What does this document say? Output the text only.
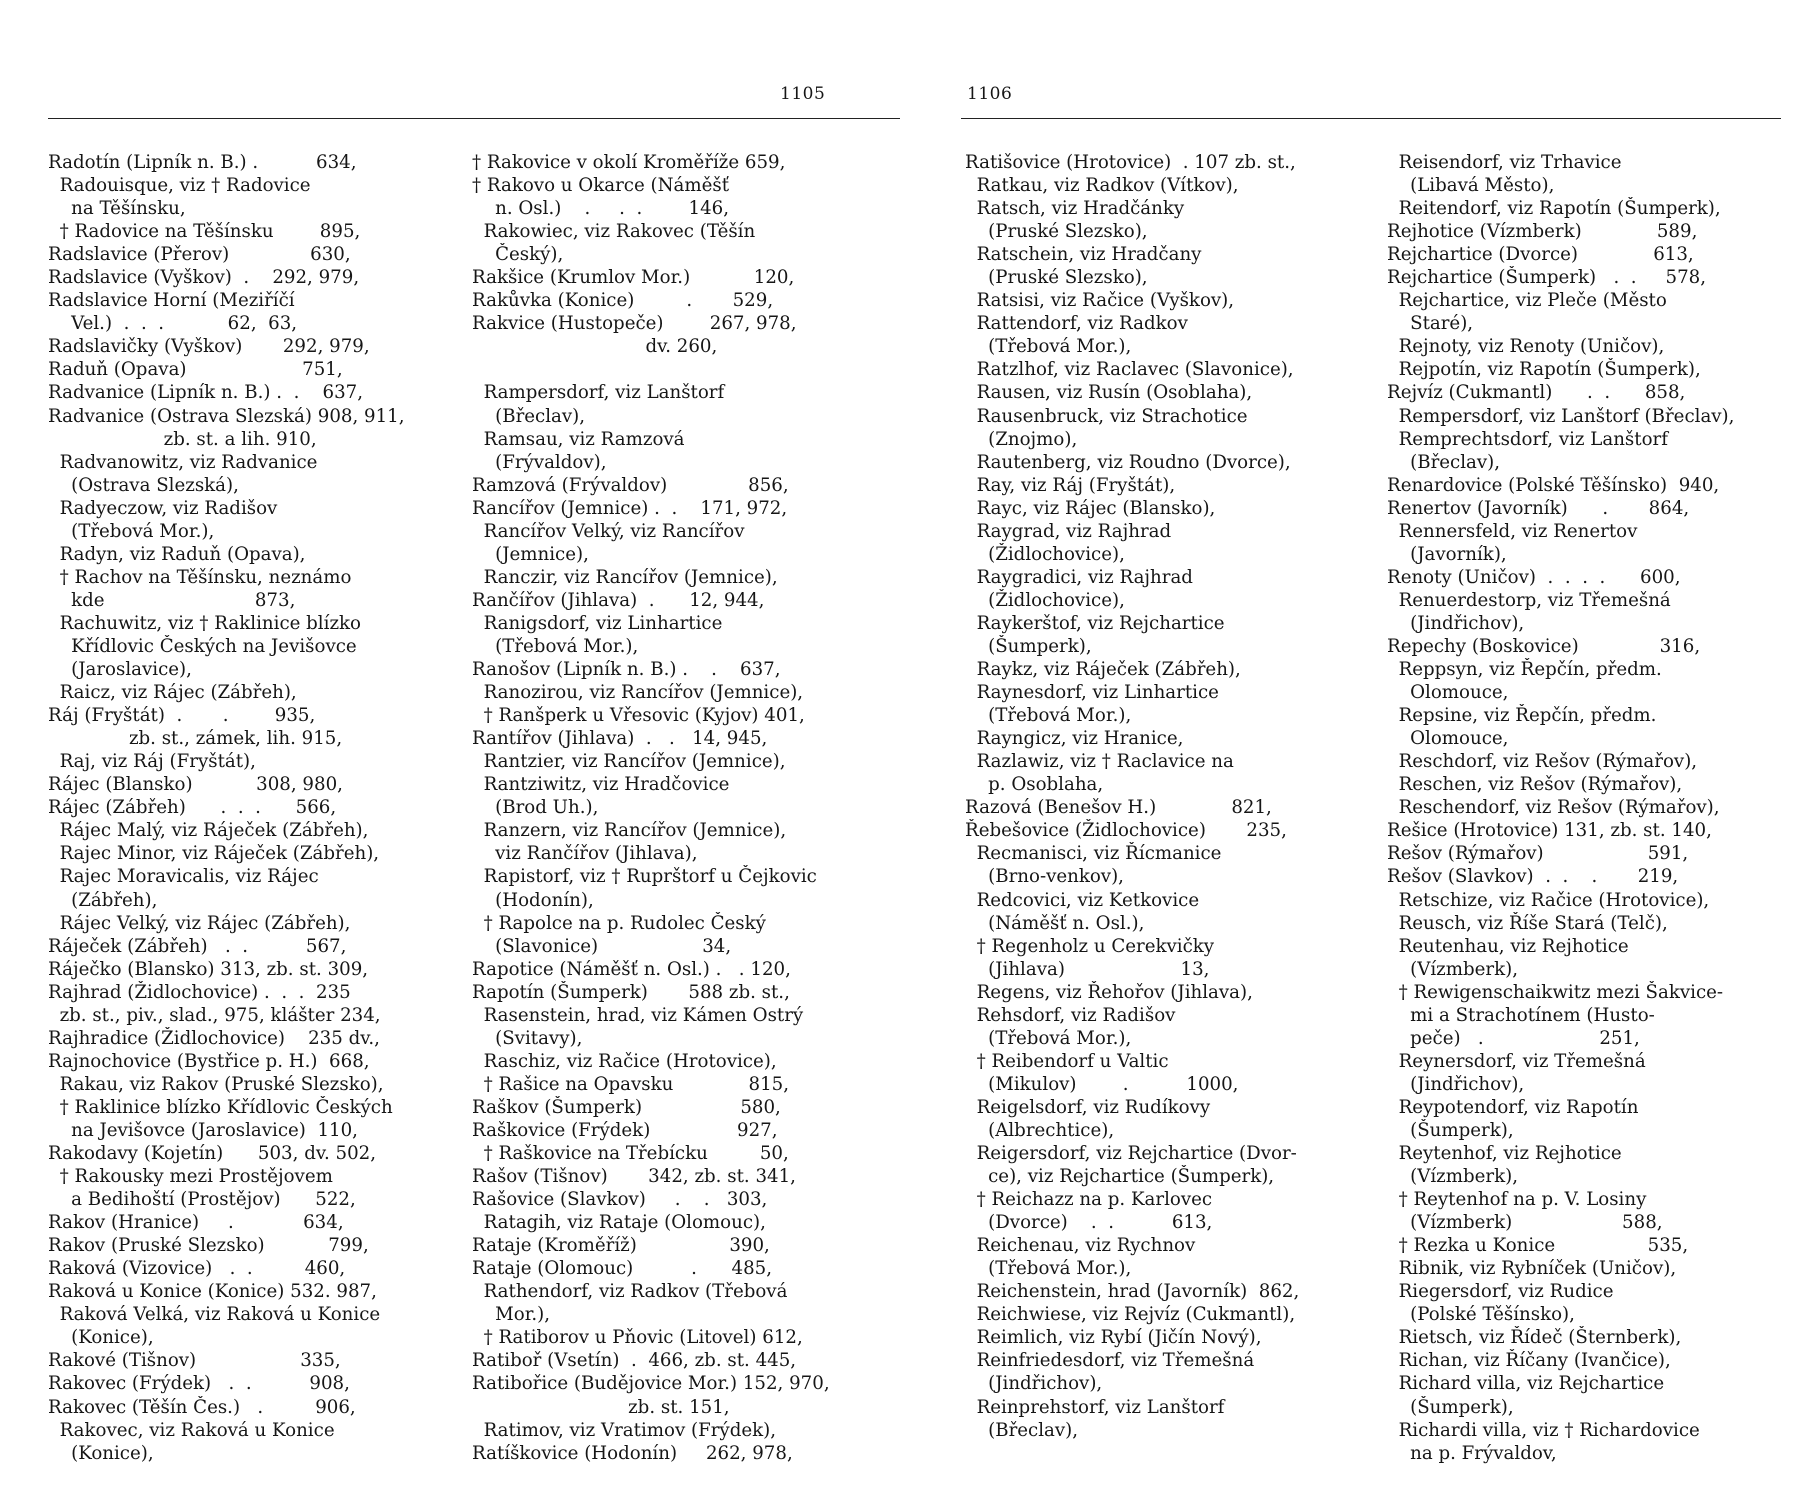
1105
Radotín (Lipník n. B.) .          634,
Radouisque, viz † Radovice
na Těšínsku,
† Radovice na Těšínsku        895,
Radslavice (Přerov)              630,
Radslavice (Vyškov)  .    292, 979,
Radslavice Horní (Meziříčí
Vel.)  .  .  .           62,  63,
Radslavičky (Vyškov)       292, 979,
Raduň (Opava)                    751,
Radvanice (Lipník n. B.) .  .    637,
Radvanice (Ostrava Slezská) 908, 911,
zb. st. a lih. 910,
Radvanowitz, viz Radvanice
(Ostrava Slezská),
Radyeczow, viz Radišov
(Třebová Mor.),
Radyn, viz Raduň (Opava),
† Rachov na Těšínsku, neznámo
kde                          873,
Rachuwitz, viz † Raklinice blízko
Křídlovic Českých na Jevišovce
(Jaroslavice),
Raicz, viz Rájec (Zábřeh),
Ráj (Fryštát)  .       .        935,
zb. st., zámek, lih. 915,
Raj, viz Ráj (Fryštát),
Rájec (Blansko)           308, 980,
Rájec (Zábřeh)      .  .  .      566,
Rájec Malý, viz Ráječek (Zábřeh),
Rajec Minor, viz Ráječek (Zábřeh),
Rajec Moravicalis, viz Rájec
(Zábřeh),
Rájec Velký, viz Rájec (Zábřeh),
Ráječek (Zábřeh)   .  .          567,
Ráječko (Blansko) 313, zb. st. 309,
Rajhrad (Židlochovice) .  .  .  235
zb. st., piv., slad., 975, klášter 234,
Rajhradice (Židlochovice)    235 dv.,
Rajnochovice (Bystřice p. H.)  668,
Rakau, viz Rakov (Pruské Slezsko),
† Raklinice blízko Křídlovic Českých
na Jevišovce (Jaroslavice)  110,
Rakodavy (Kojetín)      503, dv. 502,
† Rakousky mezi Prostějovem
a Bedihoští (Prostějov)      522,
Rakov (Hranice)     .            634,
Rakov (Pruské Slezsko)           799,
Raková (Vizovice)   .  .         460,
Raková u Konice (Konice) 532. 987,
Raková Velká, viz Raková u Konice
(Konice),
Rakové (Tišnov)                  335,
Rakovec (Frýdek)   .  .          908,
Rakovec (Těšín Čes.)   .         906,
Rakovec, viz Raková u Konice
(Konice),
† Rakovice v okolí Kroměříže 659,
† Rakovo u Okarce (Náměšť
n. Osl.)    .     .  .        146,
Rakowiec, viz Rakovec (Těšín
Český),
Rakšice (Krumlov Mor.)           120,
Rakůvka (Konice)         .       529,
Rakvice (Hustopeče)        267, 978,
dv. 260,
Rampersdorf, viz Lanštorf
(Břeclav),
Ramsau, viz Ramzová
(Frývaldov),
Ramzová (Frývaldov)              856,
Rancířov (Jemnice) .  .    171, 972,
Rancířov Velký, viz Rancířov
(Jemnice),
Ranczir, viz Rancířov (Jemnice),
Rančířov (Jihlava)  .      12, 944,
Ranigsdorf, viz Linhartice
(Třebová Mor.),
Ranošov (Lipník n. B.) .    .    637,
Ranozirou, viz Rancířov (Jemnice),
† Ranšperk u Vřesovic (Kyjov) 401,
Rantířov (Jihlava)  .   .   14, 945,
Rantzier, viz Rancířov (Jemnice),
Rantziwitz, viz Hradčovice
(Brod Uh.),
Ranzern, viz Rancířov (Jemnice),
viz Rančířov (Jihlava),
Rapistorf, viz † Ruprštorf u Čejkovic
(Hodonín),
† Rapolce na p. Rudolec Český
(Slavonice)                  34,
Rapotice (Náměšť n. Osl.) .   . 120,
Rapotín (Šumperk)       588 zb. st.,
Rasenstein, hrad, viz Kámen Ostrý
(Svitavy),
Raschiz, viz Račice (Hrotovice),
† Rašice na Opavsku             815,
Raškov (Šumperk)                 580,
Raškovice (Frýdek)               927,
† Raškovice na Třebícku         50,
Rašov (Tišnov)       342, zb. st. 341,
Rašovice (Slavkov)     .    .   303,
Ratagih, viz Rataje (Olomouc),
Rataje (Kroměříž)                390,
Rataje (Olomouc)          .      485,
Rathendorf, viz Radkov (Třebová
Mor.),
† Ratiborov u Pňovic (Litovel) 612,
Ratiboř (Vsetín)  .  466, zb. st. 445,
Ratibořice (Budějovice Mor.) 152, 970,
zb. st. 151,
Ratimov, viz Vratimov (Frýdek),
Ratíškovice (Hodonín)     262, 978,
1106
Ratišovice (Hrotovice)  . 107 zb. st.,
Ratkau, viz Radkov (Vítkov),
Ratsch, viz Hradčánky
(Pruské Slezsko),
Ratschein, viz Hradčany
(Pruské Slezsko),
Ratsisi, viz Račice (Vyškov),
Rattendorf, viz Radkov
(Třebová Mor.),
Ratzlhof, viz Raclavec (Slavonice),
Rausen, viz Rusín (Osoblaha),
Rausenbruck, viz Strachotice
(Znojmo),
Rautenberg, viz Roudno (Dvorce),
Ray, viz Ráj (Fryštát),
Rayc, viz Rájec (Blansko),
Raygrad, viz Rajhrad
(Židlochovice),
Raygradici, viz Rajhrad
(Židlochovice),
Raykerštof, viz Rejchartice
(Šumperk),
Raykz, viz Ráječek (Zábřeh),
Raynesdorf, viz Linhartice
(Třebová Mor.),
Rayngicz, viz Hranice,
Razlawiz, viz † Raclavice na
p. Osoblaha,
Razová (Benešov H.)             821,
Řebešovice (Židlochovice)       235,
Recmanisci, viz Řícmanice
(Brno-venkov),
Redcovici, viz Ketkovice
(Náměšť n. Osl.),
† Regenholz u Cerekvičky
(Jihlava)                    13,
Regens, viz Řehořov (Jihlava),
Rehsdorf, viz Radišov
(Třebová Mor.),
† Reibendorf u Valtic
(Mikulov)        .          1000,
Reigelsdorf, viz Rudíkovy
(Albrechtice),
Reigersdorf, viz Rejchartice (Dvor-
ce), viz Rejchartice (Šumperk),
† Reichazz na p. Karlovec
(Dvorce)    .  .          613,
Reichenau, viz Rychnov
(Třebová Mor.),
Reichenstein, hrad (Javorník)  862,
Reichwiese, viz Rejvíz (Cukmantl),
Reimlich, viz Rybí (Jičín Nový),
Reinfriedesdorf, viz Třemešná
(Jindřichov),
Reinprehstorf, viz Lanštorf
(Břeclav),
Reisendorf, viz Trhavice
(Libavá Město),
Reitendorf, viz Rapotín (Šumperk),
Rejhotice (Vízmberk)             589,
Rejchartice (Dvorce)             613,
Rejchartice (Šumperk)   .  .     578,
Rejchartice, viz Pleče (Město
Staré),
Rejnoty, viz Renoty (Uničov),
Rejpotín, viz Rapotín (Šumperk),
Rejvíz (Cukmantl)      .  .      858,
Rempersdorf, viz Lanštorf (Břeclav),
Remprechtsdorf, viz Lanštorf
(Břeclav),
Renardovice (Polské Těšínsko)  940,
Renertov (Javorník)      .       864,
Rennersfeld, viz Renertov
(Javorník),
Renoty (Uničov)  .  .  .  .      600,
Renuerdestorp, viz Třemešná
(Jindřichov),
Repechy (Boskovice)              316,
Reppsyn, viz Řepčín, předm.
Olomouce,
Repsine, viz Řepčín, předm.
Olomouce,
Reschdorf, viz Rešov (Rýmařov),
Reschen, viz Rešov (Rýmařov),
Reschendorf, viz Rešov (Rýmařov),
Rešice (Hrotovice) 131, zb. st. 140,
Rešov (Rýmařov)                  591,
Rešov (Slavkov)  .  .    .       219,
Retschize, viz Račice (Hrotovice),
Reusch, viz Říše Stará (Telč),
Reutenhau, viz Rejhotice
(Vízmberk),
† Rewigenschaikwitz mezi Šakvice-
mi a Strachotínem (Husto-
peče)   .                    251,
Reynersdorf, viz Třemešná
(Jindřichov),
Reypotendorf, viz Rapotín
(Šumperk),
Reytenhof, viz Rejhotice
(Vízmberk),
† Reytenhof na p. V. Losiny
(Vízmberk)                   588,
† Rezka u Konice                535,
Ribnik, viz Rybníček (Uničov),
Riegersdorf, viz Rudice
(Polské Těšínsko),
Rietsch, viz Řídeč (Šternberk),
Richan, viz Říčany (Ivančice),
Richard villa, viz Rejchartice
(Šumperk),
Richardi villa, viz † Richardovice
na p. Frývaldov,
